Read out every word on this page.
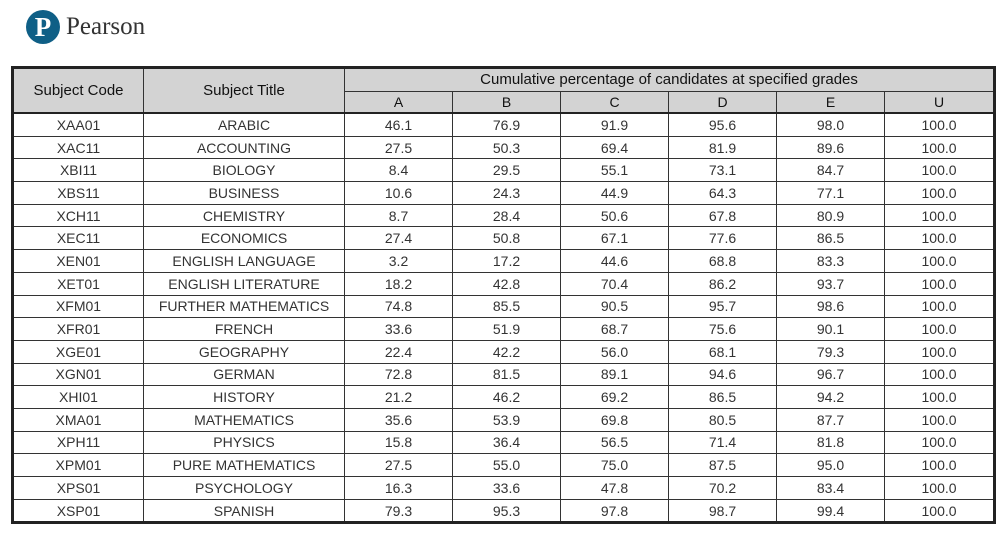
P Pearson
Subject Code	Subject Title	Cumulative percentage of candidates at specified grades					
		A	B	C	D	E	U
XAA01	ARABIC	46.1	76.9	91.9	95.6	98.0	100.0
XAC11	ACCOUNTING	27.5	50.3	69.4	81.9	89.6	100.0
XBI11	BIOLOGY	8.4	29.5	55.1	73.1	84.7	100.0
XBS11	BUSINESS	10.6	24.3	44.9	64.3	77.1	100.0
XCH11	CHEMISTRY	8.7	28.4	50.6	67.8	80.9	100.0
XEC11	ECONOMICS	27.4	50.8	67.1	77.6	86.5	100.0
XEN01	ENGLISH LANGUAGE	3.2	17.2	44.6	68.8	83.3	100.0
XET01	ENGLISH LITERATURE	18.2	42.8	70.4	86.2	93.7	100.0
XFM01	FURTHER MATHEMATICS	74.8	85.5	90.5	95.7	98.6	100.0
XFR01	FRENCH	33.6	51.9	68.7	75.6	90.1	100.0
XGE01	GEOGRAPHY	22.4	42.2	56.0	68.1	79.3	100.0
XGN01	GERMAN	72.8	81.5	89.1	94.6	96.7	100.0
XHI01	HISTORY	21.2	46.2	69.2	86.5	94.2	100.0
XMA01	MATHEMATICS	35.6	53.9	69.8	80.5	87.7	100.0
XPH11	PHYSICS	15.8	36.4	56.5	71.4	81.8	100.0
XPM01	PURE MATHEMATICS	27.5	55.0	75.0	87.5	95.0	100.0
XPS01	PSYCHOLOGY	16.3	33.6	47.8	70.2	83.4	100.0
XSP01	SPANISH	79.3	95.3	97.8	98.7	99.4	100.0
